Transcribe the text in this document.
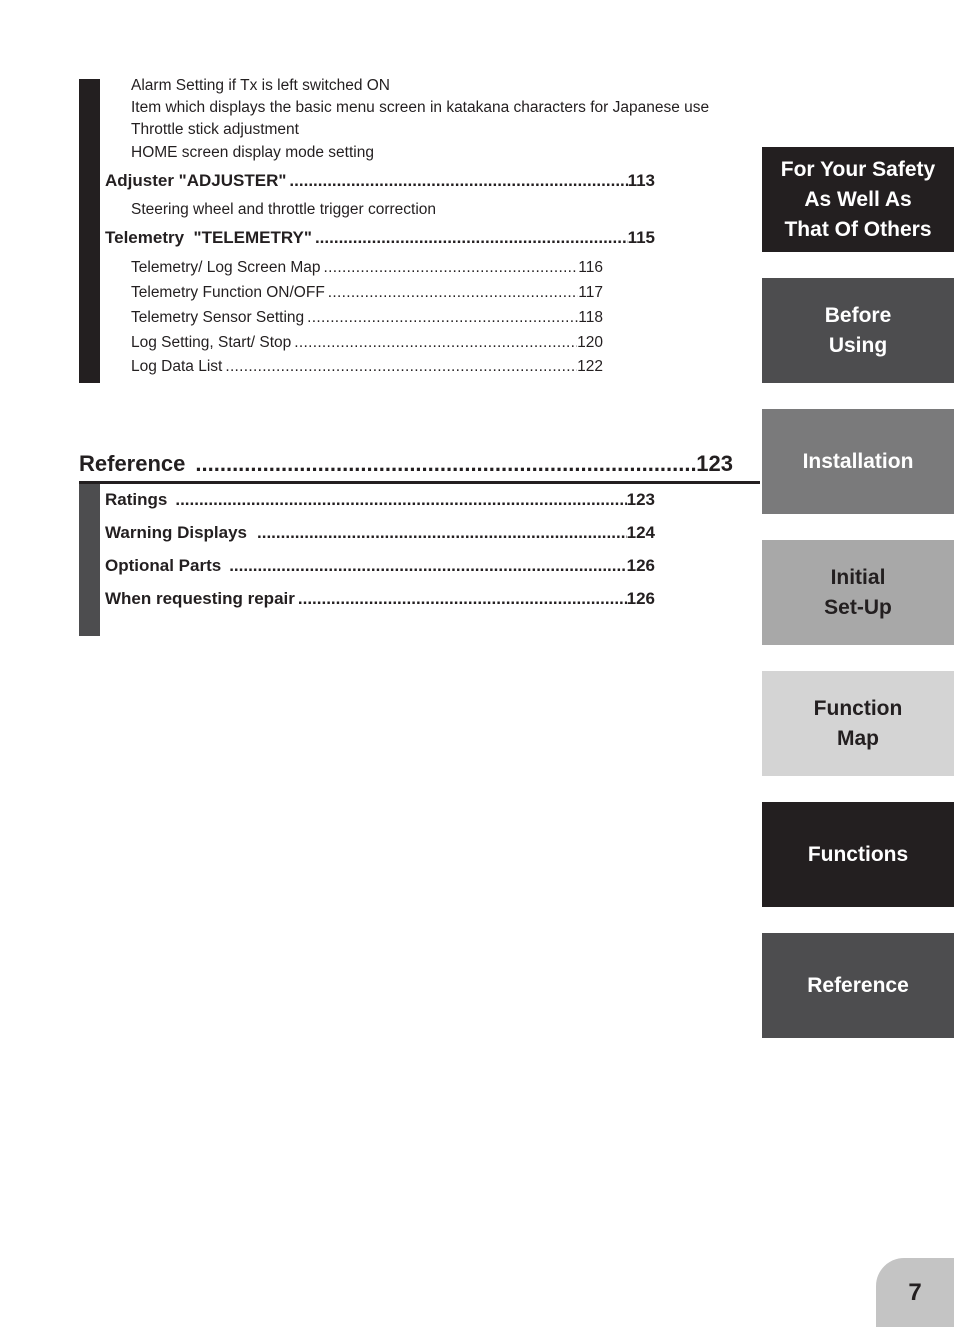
Alarm Setting if Tx is left switched ON
Item which displays the basic menu screen in katakana characters for Japanese use
Throttle stick adjustment
HOME screen display mode setting
Adjuster "ADJUSTER" .....	113
Steering wheel and throttle trigger correction
Telemetry  "TELEMETRY" .....	115
Telemetry/ Log Screen Map .....	116
Telemetry Function ON/OFF .....	117
Telemetry Sensor Setting .....	118
Log Setting, Start/ Stop .....	120
Log Data List .....	122
Reference .....	123
Ratings .....	123
Warning Displays .....	124
Optional Parts .....	126
When requesting repair .....	126
For Your Safety
As Well As
That Of Others
Before
Using
Installation
Initial
Set-Up
Function
Map
Functions
Reference
7
